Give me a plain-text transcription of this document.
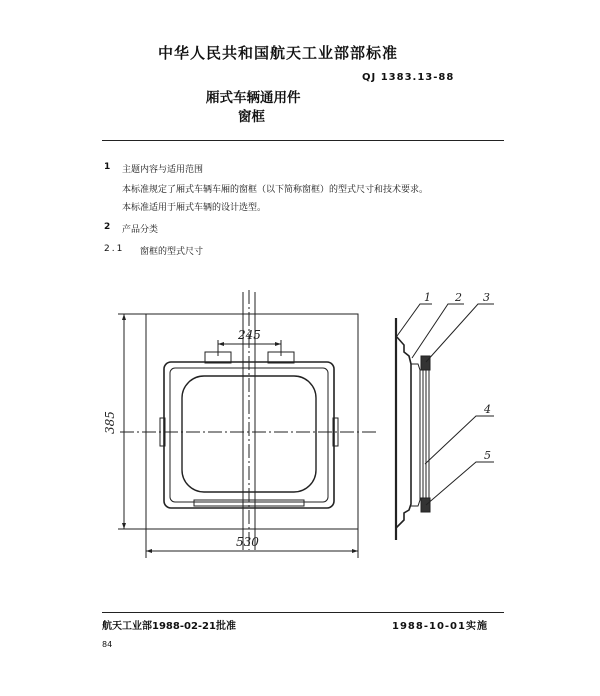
中华人民共和国航天工业部部标准
QJ 1383.13-88
厢式车辆通用件
窗框
1 主题内容与适用范围
本标准规定了厢式车辆车厢的窗框（以下简称窗框）的型式尺寸和技术要求。
本标准适用于厢式车辆的设计选型。
2 产品分类
2.1 窗框的型式尺寸
245
385
530
1 2 3
4
5
航天工业部1988-02-21批准	1988-10-01实施
84
